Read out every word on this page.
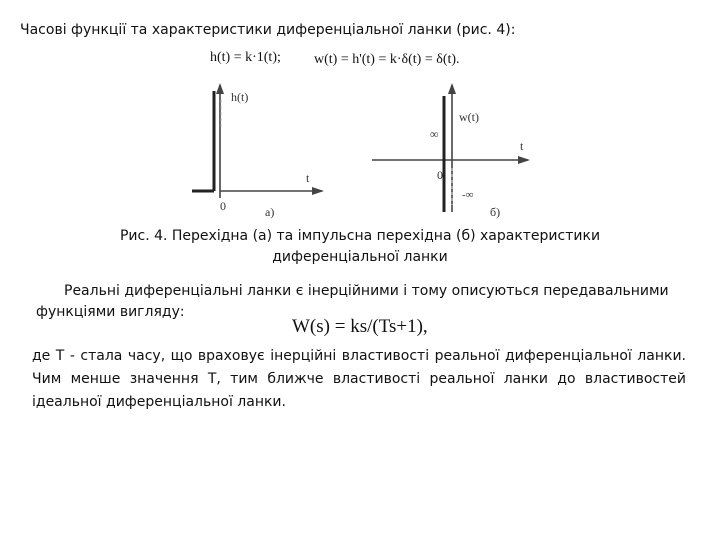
Часові функції та характеристики диференціальної ланки (рис. 4):
h(t) = k·1(t); w(t) = h'(t) = k·δ(t) = δ(t).
h(t)
t
0	а)
w(t)
t
∞
0
-∞
б)
Рис. 4. Перехідна (а) та імпульсна перехідна (б) характеристики
диференціальної ланки
Реальні диференціальні ланки є інерційними і тому описуються передавальними
функціями вигляду:
W(s) = ks/(Ts+1),
де T - стала часу, що враховує інерційні властивості реальної диференціальної ланки.
Чим менше значення T, тим ближче властивості реальної ланки до властивостей
ідеальної диференціальної ланки.
